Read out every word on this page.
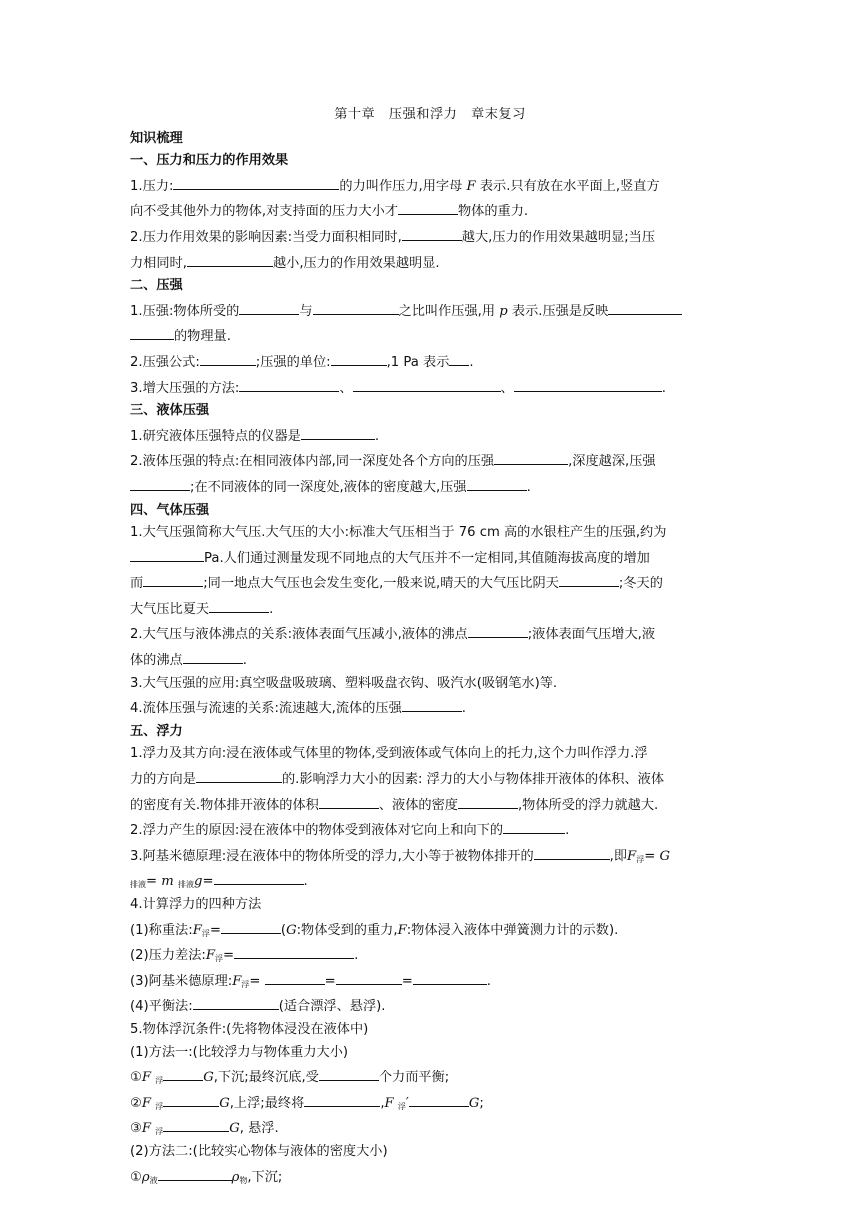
第十章　压强和浮力　章末复习
知识梳理
一、压力和压力的作用效果

1.压力:	的力叫作压力,用字母 F 表示.只有放在水平面上,竖直方

向不受其他外力的物体,对支持面的压力大小才	物体的重力.

2.压力作用效果的影响因素:当受力面积相同时,	越大,压力的作用效果越明显;当压

力相同时,	越小,压力的作用效果越明显.

二、压强

1.压强:物体所受的	与	之比叫作压强,用 p 表示.压强是反映

的物理量.

2.压强公式:	;压强的单位:	,1 Pa 表示 .

3.增大压强的方法:	、	、	.

三、液体压强

1.研究液体压强特点的仪器是	.

2.液体压强的特点:在相同液体内部,同一深度处各个方向的压强	,深度越深,压强

;在不同液体的同一深度处,液体的密度越大,压强	.

四、气体压强

1.大气压强简称大气压.大气压的大小:标准大气压相当于 76 cm 高的水银柱产生的压强,约为

Pa.人们通过测量发现不同地点的大气压并不一定相同,其值随海拔高度的增加

而	;同一地点大气压也会发生变化,一般来说,晴天的大气压比阴天	;冬天的

大气压比夏天	.

2.大气压与液体沸点的关系:液体表面气压减小,液体的沸点	;液体表面气压增大,液

体的沸点	.

3.大气压强的应用:真空吸盘吸玻璃、塑料吸盘衣钩、吸汽水(吸钢笔水)等.

4.流体压强与流速的关系:流速越大,流体的压强	.

五、浮力

1.浮力及其方向:浸在液体或气体里的物体,受到液体或气体向上的托力,这个力叫作浮力.浮

力的方向是	的.影响浮力大小的因素: 浮力的大小与物体排开液体的体积、液体

的密度有关.物体排开液体的体积	、液体的密度	,物体所受的浮力就越大.

2.浮力产生的原因:浸在液体中的物体受到液体对它向上和向下的	.

3.阿基米德原理:浸在液体中的物体所受的浮力,大小等于被物体排开的	,即$F_浮= G$

$_{排液}$= m $_{排液}$g=	.

4.计算浮力的四种方法

(1)称重法$:F_浮=$	(G:物体受到的重力,F:物体浸入液体中弹簧测力计的示数).

(2)压力差法$:F_浮=$	.

(3)阿基米德原理$:F_浮=$	=	=	.

(4)平衡法:	(适合漂浮、悬浮).

5.物体浮沉条件:(先将物体浸没在液体中)

(1)方法一:(比较浮力与物体重力大小)

①F $_浮$	G,下沉;最终沉底,受	个力而平衡;

②F $_浮$	G,上浮;最终将	,F $_浮$′	G;

③F $_浮$	G, 悬浮.

(2)方法二:(比较实心物体与液体的密度大小)

$①\rho_液$	$\rho_物$,下沉;
